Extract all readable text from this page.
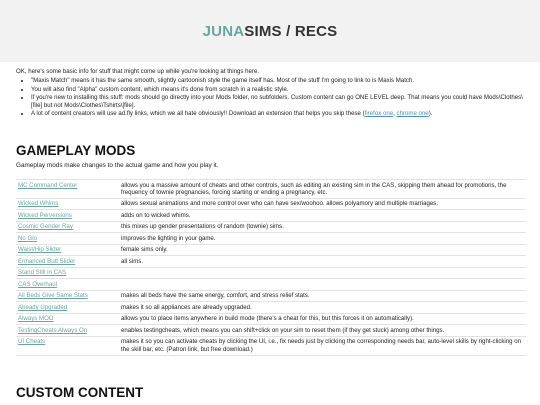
JUNASIMS / RECS

OK, here's some basic info for stuff that might come up while you're looking at things here.

• "Maxis Match" means it has the same smooth, slightly cartoonish style the game itself has. Most of the stuff I'm going to link to is Maxis Match.
• You will also find "Alpha" custom content, which means it's done from scratch in a realistic style.
• If you're new to installing this stuff: mods should go directly into your Mods folder, no subfolders. Custom content can go ONE LEVEL deep. That means you could have Mods\Clothes\[file] but not Mods\Clothes\Tshirts\[file].
• A lot of content creators will use ad.fly links, which we all hate obviously!! Download an extension that helps you skip these (firefox one, chrome one).
GAMEPLAY MODS
Gameplay mods make changes to the actual game and how you play it.
MC Command Center	allows you a massive amount of cheats and other controls, such as editing an existing sim in the CAS, skipping them ahead for promotions, the frequency of townie pregnancies, forcing starting or ending a pregnancy, etc.
Wicked Whims	allows sexual animations and more control over who can have sex/woohoo. allows polyamory and multiple marriages.
Wicked Perversions	adds on to wicked whims.
Cosmic Gender Ray	this mixes up gender presentations of random (townie) sims.
No Glo	improves the lighting in your game.
Waist/Hip Slider	female sims only.
Enhanced Butt Slider	all sims.
Stand Still in CAS	
CAS Overhaul	
All Beds Give Same Stats	makes all beds have the same energy, comfort, and stress relief stats.
Already Upgraded	makes it so all appliances are already upgraded.
Always MOO	allows you to place items anywhere in build mode (there's a cheat for this, but this forces it on automatically).
TestingCheats Always On	enables testingcheats, which means you can shift+click on your sim to reset them (if they get stuck) among other things.
UI Cheats	makes it so you can activate cheats by clicking the UI, i.e., fix needs just by clicking the corresponding needs bar, auto-level skills by right-clicking on the skill bar, etc. (Patron link, but free download.)
CUSTOM CONTENT
